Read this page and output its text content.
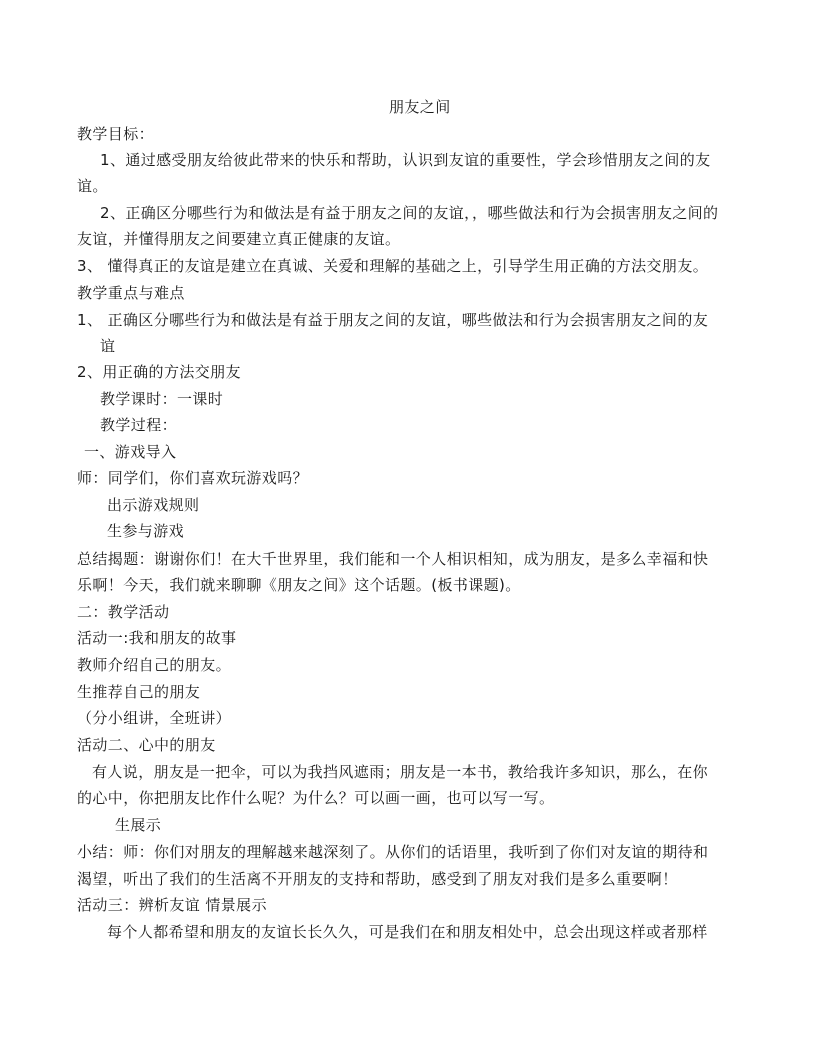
朋友之间
教学目标：
1、通过感受朋友给彼此带来的快乐和帮助，认识到友谊的重要性，学会珍惜朋友之间的友
谊。
2、正确区分哪些行为和做法是有益于朋友之间的友谊，，哪些做法和行为会损害朋友之间的
友谊，并懂得朋友之间要建立真正健康的友谊。
3、 懂得真正的友谊是建立在真诚、关爱和理解的基础之上，引导学生用正确的方法交朋友。
教学重点与难点
1、 正确区分哪些行为和做法是有益于朋友之间的友谊，哪些做法和行为会损害朋友之间的友
谊
2、用正确的方法交朋友
教学课时：一课时
教学过程：
一、游戏导入
师：同学们，你们喜欢玩游戏吗？
出示游戏规则
生参与游戏
总结揭题：谢谢你们！在大千世界里，我们能和一个人相识相知，成为朋友，是多么幸福和快
乐啊！今天，我们就来聊聊《朋友之间》这个话题。(板书课题)。
二：教学活动
活动一:我和朋友的故事
教师介绍自己的朋友。
生推荐自己的朋友
（分小组讲，全班讲）
活动二、心中的朋友
有人说，朋友是一把伞，可以为我挡风遮雨；朋友是一本书，教给我许多知识，那么，在你
的心中，你把朋友比作什么呢？为什么？可以画一画，也可以写一写。
生展示
小结：师：你们对朋友的理解越来越深刻了。从你们的话语里，我听到了你们对友谊的期待和
渴望，听出了我们的生活离不开朋友的支持和帮助，感受到了朋友对我们是多么重要啊！
活动三：辨析友谊 情景展示
每个人都希望和朋友的友谊长长久久，可是我们在和朋友相处中，总会出现这样或者那样
